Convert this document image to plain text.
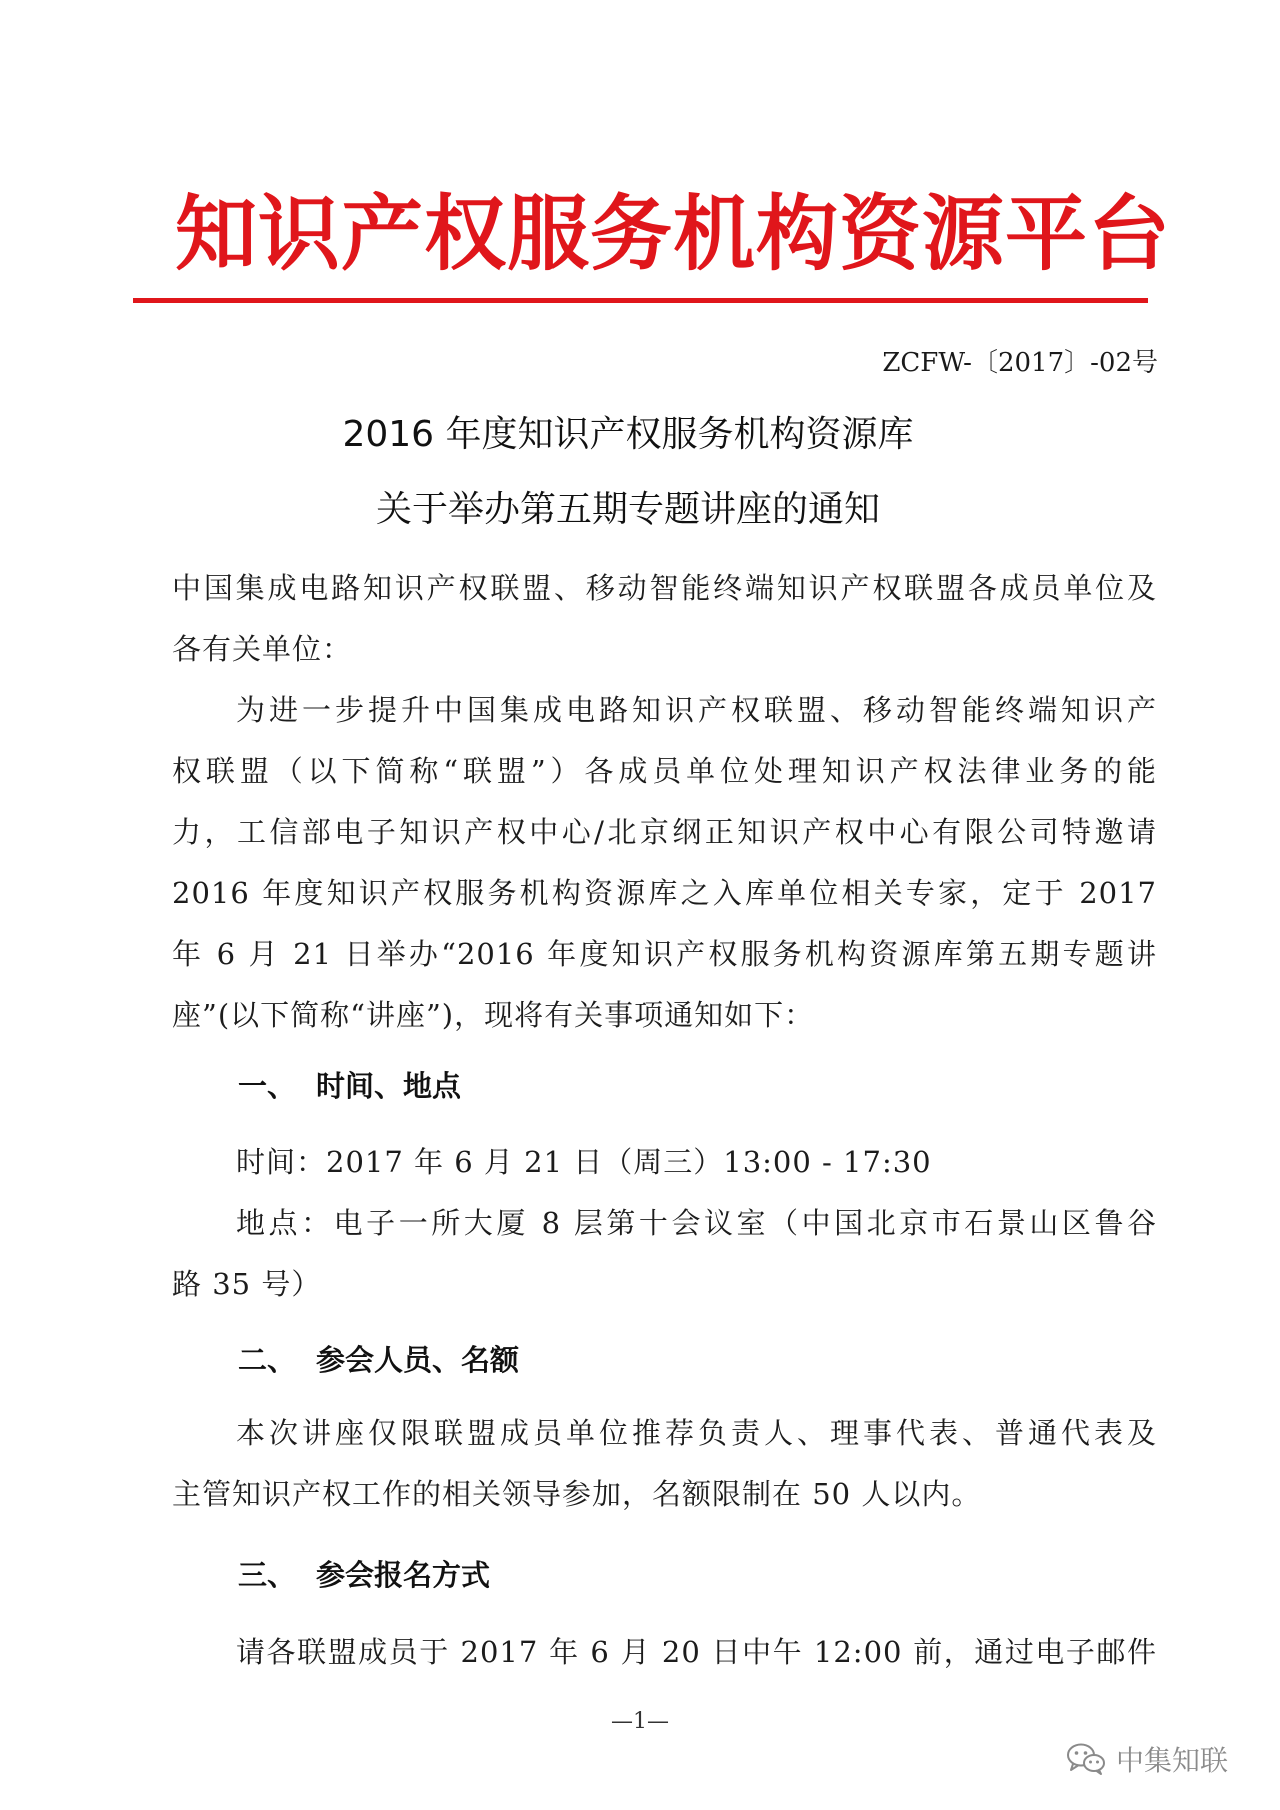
知识产权服务机构资源平台
ZCFW-〔2017〕-02号
2016 年度知识产权服务机构资源库
关于举办第五期专题讲座的通知
中国集成电路知识产权联盟、移动智能终端知识产权联盟各成员单位及
各有关单位：
为进一步提升中国集成电路知识产权联盟、移动智能终端知识产
权联盟（以下简称“联盟”）各成员单位处理知识产权法律业务的能
力，工信部电子知识产权中心/北京纲正知识产权中心有限公司特邀请
2016 年度知识产权服务机构资源库之入库单位相关专家，定于 2017
年 6 月 21 日举办“2016 年度知识产权服务机构资源库第五期专题讲
座”(以下简称“讲座”)，现将有关事项通知如下：
一、 时间、地点
时间：2017 年 6 月 21 日（周三）13:00 - 17:30
地点：电子一所大厦 8 层第十会议室（中国北京市石景山区鲁谷
路 35 号）
二、 参会人员、名额
本次讲座仅限联盟成员单位推荐负责人、理事代表、普通代表及
主管知识产权工作的相关领导参加，名额限制在 50 人以内。
三、 参会报名方式
请各联盟成员于 2017 年 6 月 20 日中午 12:00 前，通过电子邮件
—1—
中集知联
